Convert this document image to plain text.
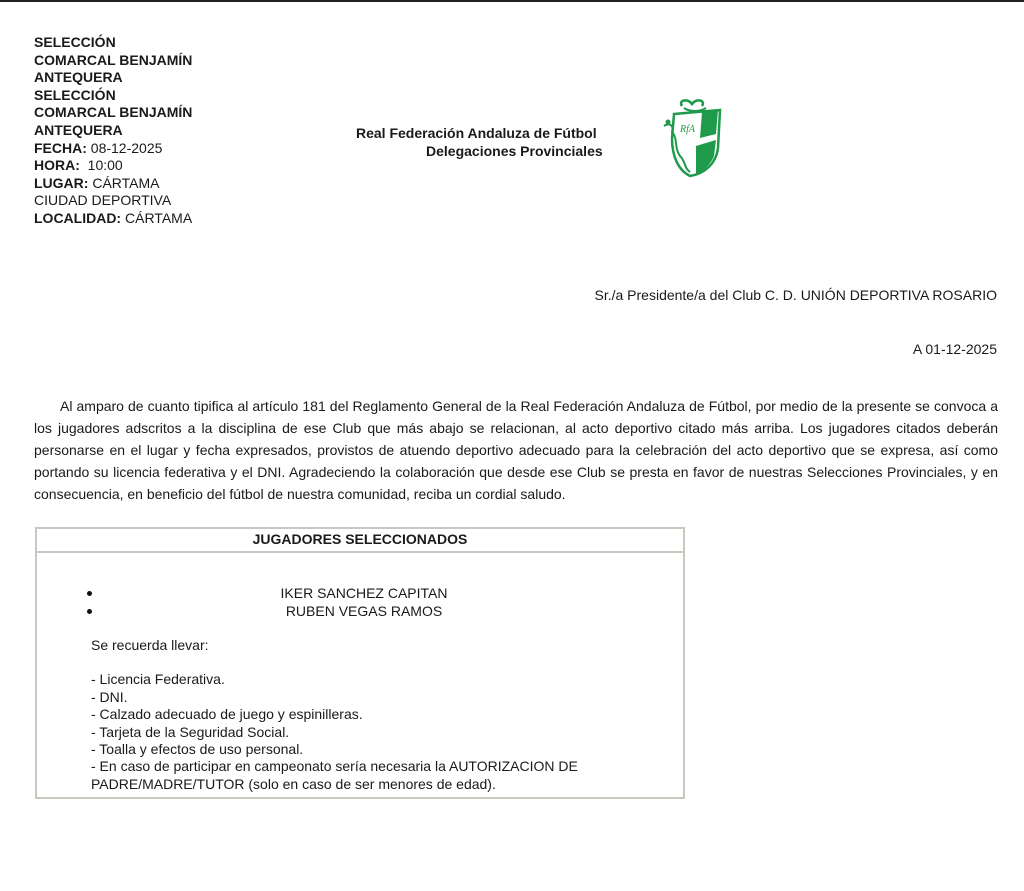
SELECCIÓN
COMARCAL BENJAMÍN
ANTEQUERA
SELECCIÓN
COMARCAL BENJAMÍN
ANTEQUERA
FECHA: 08-12-2025
HORA:  10:00
LUGAR: CÁRTAMA
CIUDAD DEPORTIVA
LOCALIDAD: CÁRTAMA
Real Federación Andaluza de Fútbol
Delegaciones Provinciales
RfA
Sr./a Presidente/a del Club C. D. UNIÓN DEPORTIVA ROSARIO
A 01-12-2025
Al amparo de cuanto tipifica al artículo 181 del Reglamento General de la Real Federación Andaluza de Fútbol, por medio de la presente se convoca a los jugadores adscritos a la disciplina de ese Club que más abajo se relacionan, al acto deportivo citado más arriba. Los jugadores citados deberán personarse en el lugar y fecha expresados, provistos de atuendo deportivo adecuado para la celebración del acto deportivo que se expresa, así como portando su licencia federativa y el DNI. Agradeciendo la colaboración que desde ese Club se presta en favor de nuestras Selecciones Provinciales, y en consecuencia, en beneficio del fútbol de nuestra comunidad, reciba un cordial saludo.
JUGADORES SELECCIONADOS
IKER SANCHEZ CAPITAN
RUBEN VEGAS RAMOS
Se recuerda llevar:
- Licencia Federativa.
- DNI.
- Calzado adecuado de juego y espinilleras.
- Tarjeta de la Seguridad Social.
- Toalla y efectos de uso personal.
- En caso de participar en campeonato sería necesaria la AUTORIZACION DE
PADRE/MADRE/TUTOR (solo en caso de ser menores de edad).
